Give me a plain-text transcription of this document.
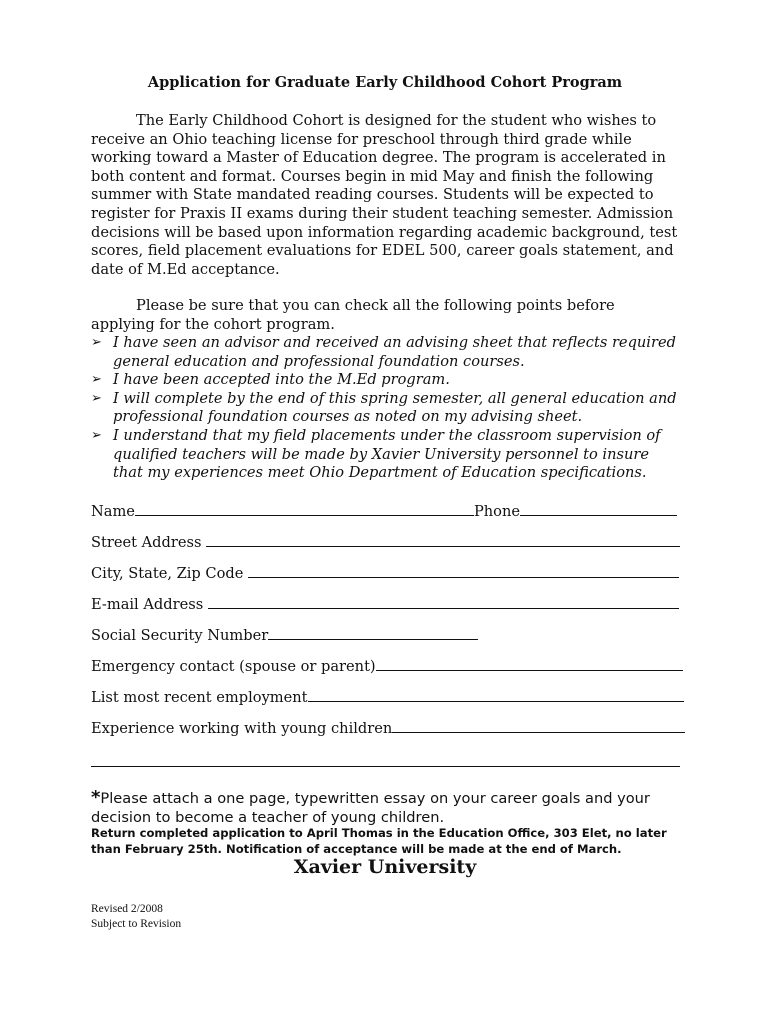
Application for Graduate Early Childhood Cohort Program
The Early Childhood Cohort is designed for the student who wishes to receive an Ohio teaching license for preschool through third grade while working toward a Master of Education degree. The program is accelerated in both content and format. Courses begin in mid May and finish the following summer with State mandated reading courses. Students will be expected to register for Praxis II exams during their student teaching semester. Admission decisions will be based upon information regarding academic background, test scores, field placement evaluations for EDEL 500, career goals statement, and date of M.Ed acceptance.
Please be sure that you can check all the following points before applying for the cohort program.
➢ I have seen an advisor and received an advising sheet that reflects required general education and professional foundation courses.
➢ I have been accepted into the M.Ed program.
➢ I will complete by the end of this spring semester, all general education and professional foundation courses as noted on my advising sheet.
➢ I understand that my field placements under the classroom supervision of qualified teachers will be made by Xavier University personnel to insure that my experiences meet Ohio Department of Education specifications.
Name	Phone
Street Address
City, State, Zip Code
E-mail Address
Social Security Number
Emergency contact (spouse or parent)
List most recent employment
Experience working with young children
*Please attach a one page, typewritten essay on your career goals and your decision to become a teacher of young children.
Return completed application to April Thomas in the Education Office, 303 Elet, no later than February 25th. Notification of acceptance will be made at the end of March.
Xavier University
Revised 2/2008
Subject to Revision
